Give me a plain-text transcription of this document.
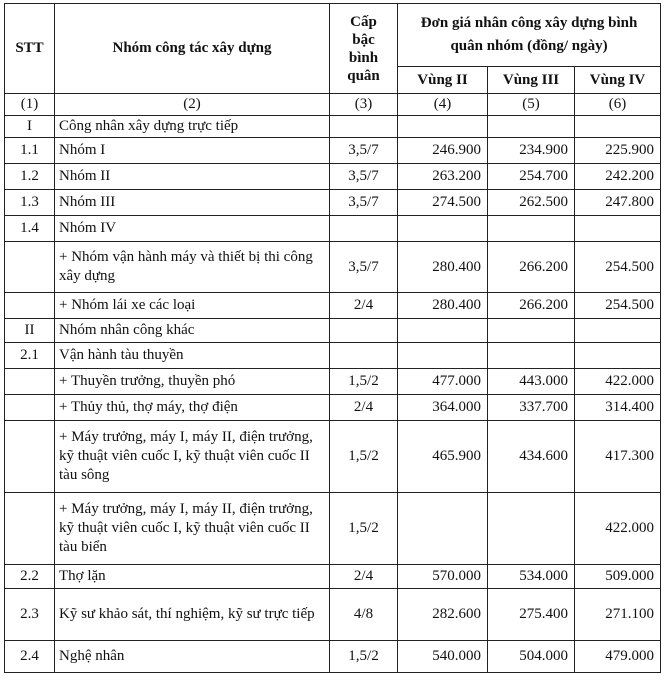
STT	Nhóm công tác xây dựng	Cấp
bậc
bình
quân	Đơn giá nhân công xây dựng bình quân nhóm (đồng/ ngày)		
			Vùng II	Vùng III	Vùng IV
(1)	(2)	(3)	(4)	(5)	(6)
I	Công nhân xây dựng trực tiếp				
1.1	Nhóm I	3,5/7	246.900	234.900	225.900
1.2	Nhóm II	3,5/7	263.200	254.700	242.200
1.3	Nhóm III	3,5/7	274.500	262.500	247.800
1.4	Nhóm IV				
	+ Nhóm vận hành máy và thiết bị thi công xây dựng	3,5/7	280.400	266.200	254.500
	+ Nhóm lái xe các loại	2/4	280.400	266.200	254.500
II	Nhóm nhân công khác				
2.1	Vận hành tàu thuyền				
	+ Thuyền trưởng, thuyền phó	1,5/2	477.000	443.000	422.000
	+ Thủy thủ, thợ máy, thợ điện	2/4	364.000	337.700	314.400
	+ Máy trưởng, máy I, máy II, điện trưởng, kỹ thuật viên cuốc I, kỹ thuật viên cuốc II tàu sông	1,5/2	465.900	434.600	417.300
	+ Máy trưởng, máy I, máy II, điện trưởng, kỹ thuật viên cuốc I, kỹ thuật viên cuốc II tàu biển	1,5/2			422.000
2.2	Thợ lặn	2/4	570.000	534.000	509.000
2.3	Kỹ sư khảo sát, thí nghiệm, kỹ sư trực tiếp	4/8	282.600	275.400	271.100
2.4	Nghệ nhân	1,5/2	540.000	504.000	479.000
